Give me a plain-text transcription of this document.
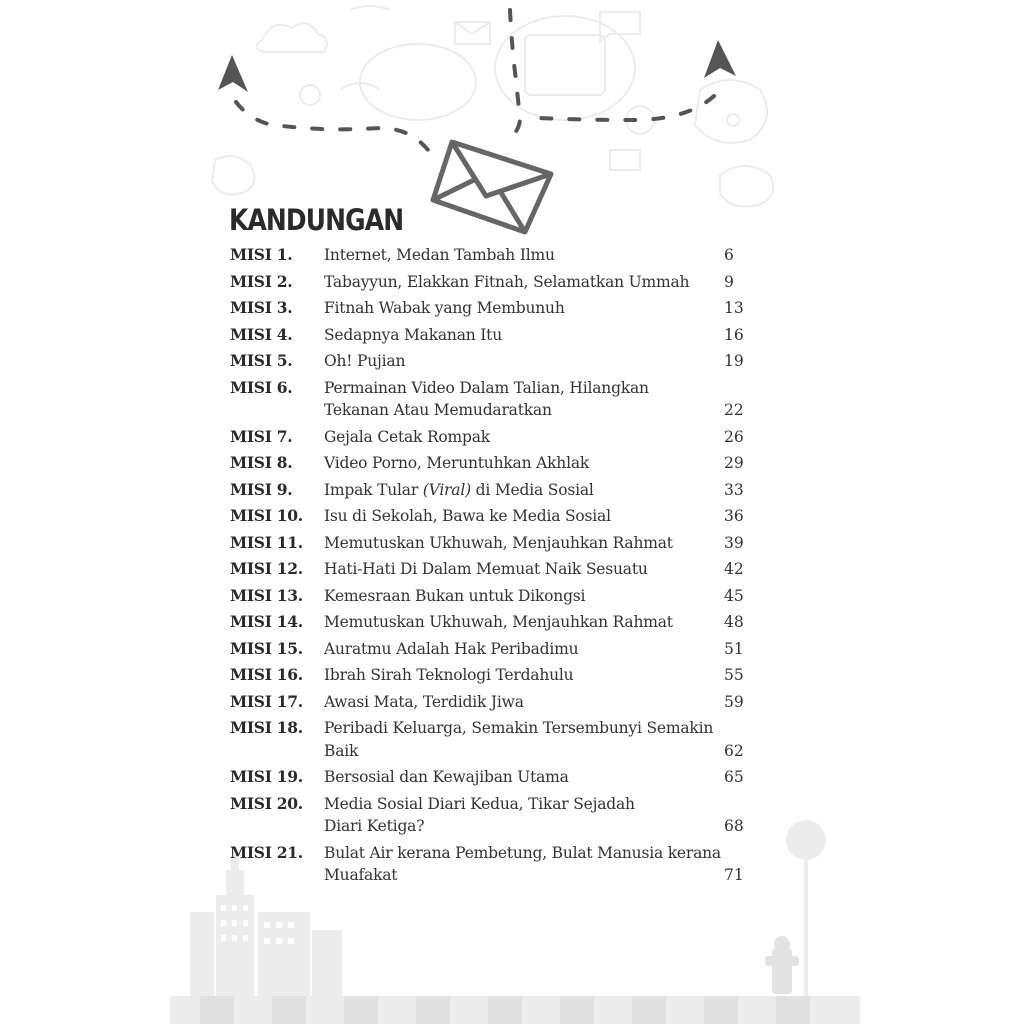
KANDUNGAN
MISI 1.	Internet, Medan Tambah Ilmu	6
MISI 2.	Tabayyun, Elakkan Fitnah, Selamatkan Ummah	9
MISI 3.	Fitnah Wabak yang Membunuh	13
MISI 4.	Sedapnya Makanan Itu	16
MISI 5.	Oh! Pujian	19
MISI 6.	Permainan Video Dalam Talian, Hilangkan
Tekanan Atau Memudaratkan	22
MISI 7.	Gejala Cetak Rompak	26
MISI 8.	Video Porno, Meruntuhkan Akhlak	29
MISI 9.	Impak Tular (Viral) di Media Sosial	33
MISI 10.	Isu di Sekolah, Bawa ke Media Sosial	36
MISI 11.	Memutuskan Ukhuwah, Menjauhkan Rahmat	39
MISI 12.	Hati-Hati Di Dalam Memuat Naik Sesuatu	42
MISI 13.	Kemesraan Bukan untuk Dikongsi	45
MISI 14.	Memutuskan Ukhuwah, Menjauhkan Rahmat	48
MISI 15.	Auratmu Adalah Hak Peribadimu	51
MISI 16.	Ibrah Sirah Teknologi Terdahulu	55
MISI 17.	Awasi Mata, Terdidik Jiwa	59
MISI 18.	Peribadi Keluarga, Semakin Tersembunyi Semakin
Baik	62
MISI 19.	Bersosial dan Kewajiban Utama	65
MISI 20.	Media Sosial Diari Kedua, Tikar Sejadah
Diari Ketiga?	68
MISI 21.	Bulat Air kerana Pembetung, Bulat Manusia kerana
Muafakat	71
